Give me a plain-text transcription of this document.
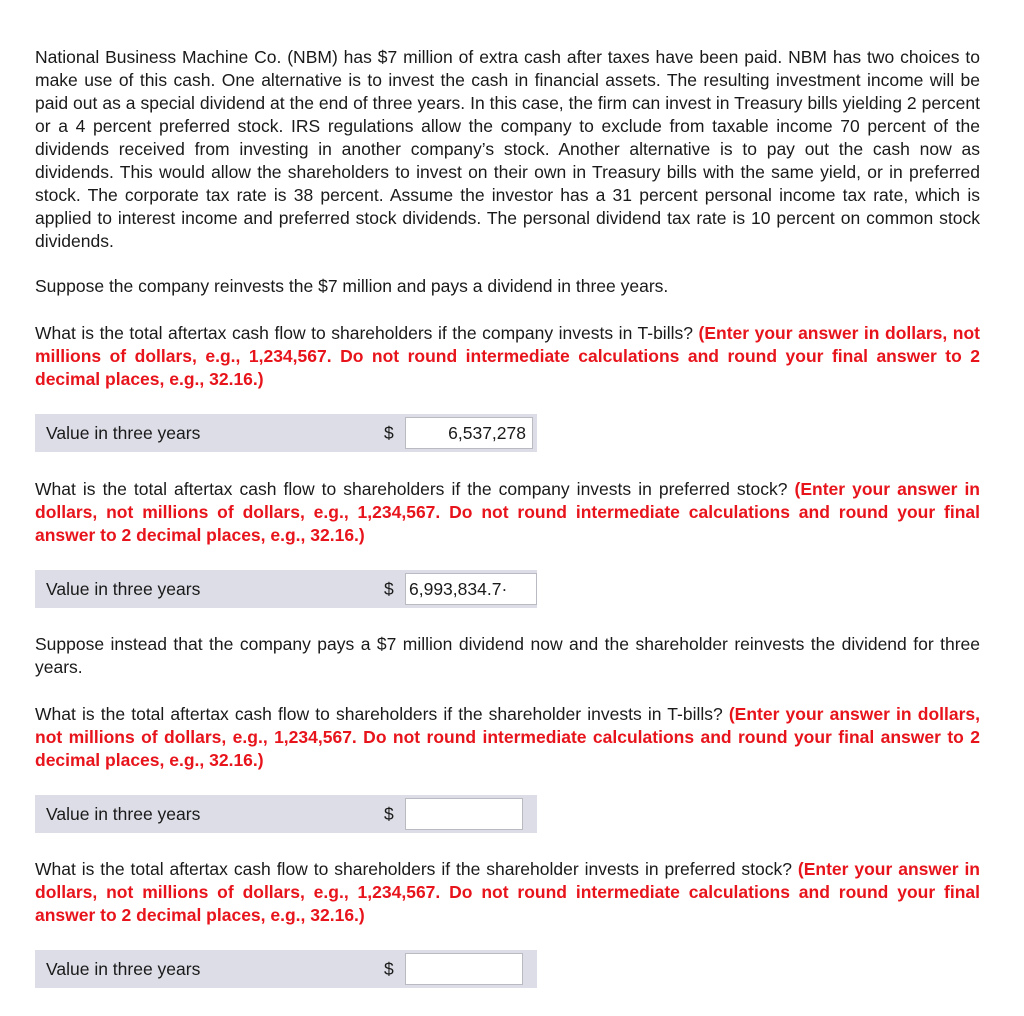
National Business Machine Co. (NBM) has $7 million of extra cash after taxes have been paid. NBM has two choices to make use of this cash. One alternative is to invest the cash in financial assets. The resulting investment income will be paid out as a special dividend at the end of three years. In this case, the firm can invest in Treasury bills yielding 2 percent or a 4 percent preferred stock. IRS regulations allow the company to exclude from taxable income 70 percent of the dividends received from investing in another company’s stock. Another alternative is to pay out the cash now as dividends. This would allow the shareholders to invest on their own in Treasury bills with the same yield, or in preferred stock. The corporate tax rate is 38 percent. Assume the investor has a 31 percent personal income tax rate, which is applied to interest income and preferred stock dividends. The personal dividend tax rate is 10 percent on common stock dividends.

Suppose the company reinvests the $7 million and pays a dividend in three years.

What is the total aftertax cash flow to shareholders if the company invests in T-bills? (Enter your answer in dollars, not millions of dollars, e.g., 1,234,567. Do not round intermediate calculations and round your final answer to 2 decimal places, e.g., 32.16.)

Value in three years	$
6,537,278

What is the total aftertax cash flow to shareholders if the company invests in preferred stock? (Enter your answer in dollars, not millions of dollars, e.g., 1,234,567. Do not round intermediate calculations and round your final answer to 2 decimal places, e.g., 32.16.)

Value in three years	$
6,993,834.7·

Suppose instead that the company pays a $7 million dividend now and the shareholder reinvests the dividend for three years.

What is the total aftertax cash flow to shareholders if the shareholder invests in T-bills? (Enter your answer in dollars, not millions of dollars, e.g., 1,234,567. Do not round intermediate calculations and round your final answer to 2 decimal places, e.g., 32.16.)

Value in three years	$

What is the total aftertax cash flow to shareholders if the shareholder invests in preferred stock? (Enter your answer in dollars, not millions of dollars, e.g., 1,234,567. Do not round intermediate calculations and round your final answer to 2 decimal places, e.g., 32.16.)

Value in three years	$
